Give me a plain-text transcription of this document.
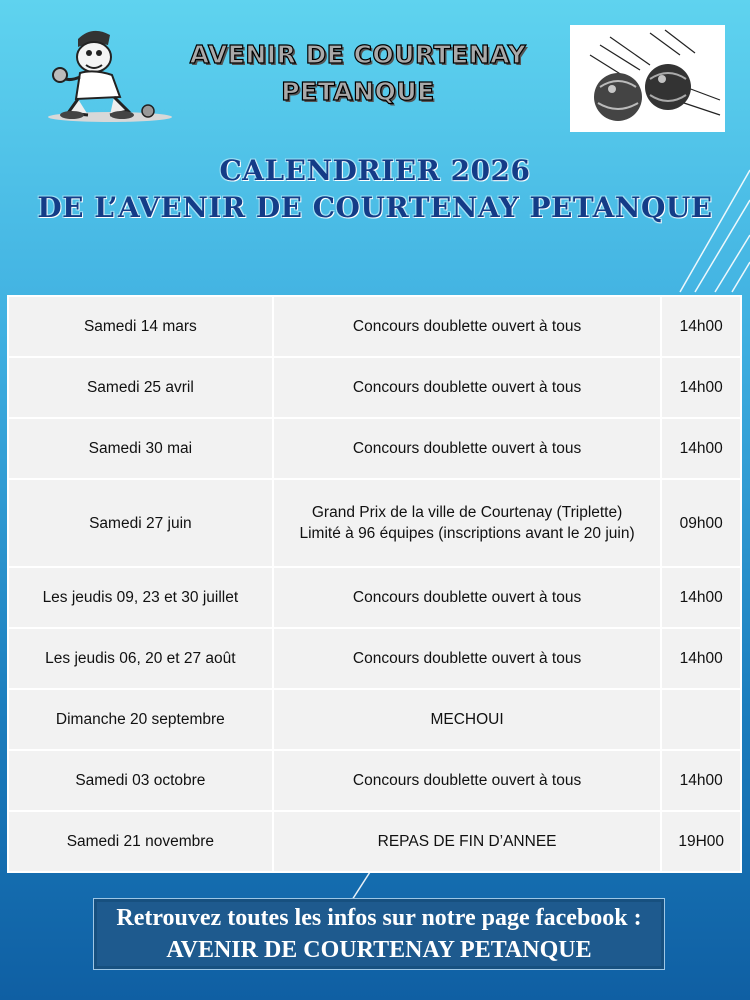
AVENIR DE COURTENAY
PETANQUE
CALENDRIER 2026
DE L’AVENIR DE COURTENAY PETANQUE
Samedi 14 mars	Concours doublette ouvert à tous	14h00
Samedi 25 avril	Concours doublette ouvert à tous	14h00
Samedi 30 mai	Concours doublette ouvert à tous	14h00
Samedi 27 juin	Grand Prix de la ville de Courtenay (Triplette)
Limité à 96 équipes (inscriptions avant le 20 juin)	09h00
Les jeudis 09, 23 et 30 juillet	Concours doublette ouvert à tous	14h00
Les jeudis 06, 20 et 27 août	Concours doublette ouvert à tous	14h00
Dimanche 20 septembre	MECHOUI	
Samedi 03 octobre	Concours doublette ouvert à tous	14h00
Samedi 21 novembre	REPAS DE FIN D’ANNEE	19H00
Retrouvez toutes les infos sur notre page facebook :
AVENIR DE COURTENAY PETANQUE
